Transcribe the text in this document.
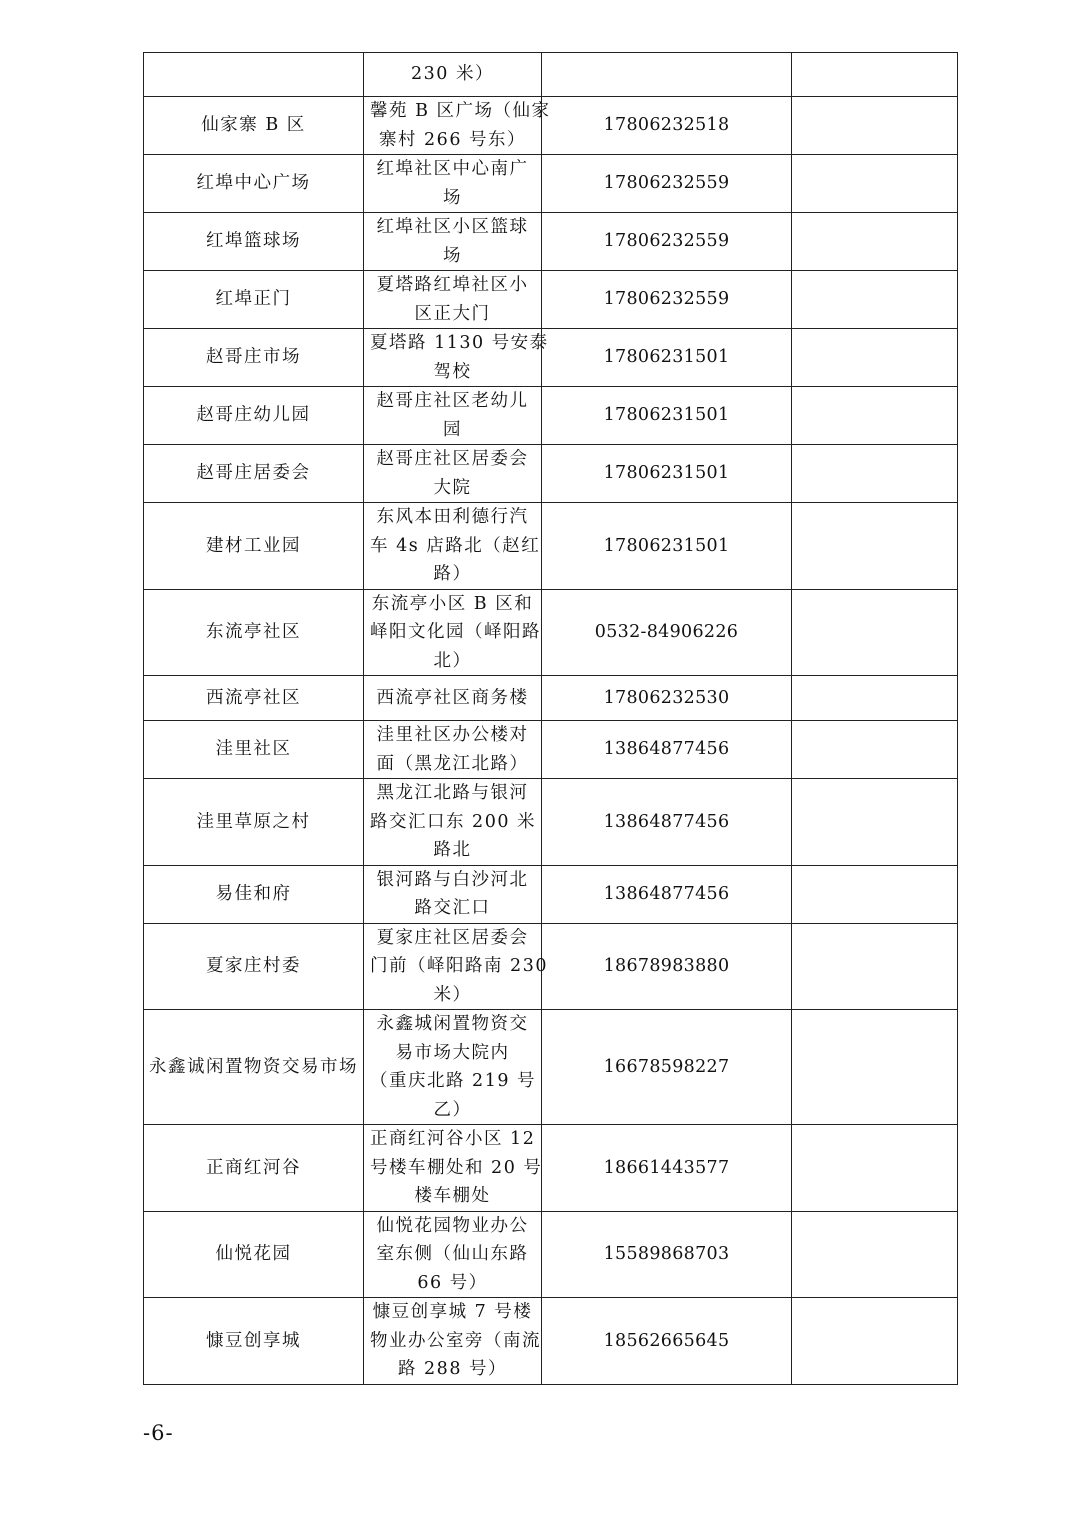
	230 米）		

仙家寨 B 区	馨苑 B 区广场（仙家
寨村 266 号东）	17806232518	
红埠中心广场	红埠社区中心南广
场	17806232559	
红埠篮球场	红埠社区小区篮球
场	17806232559	
红埠正门	夏塔路红埠社区小
区正大门	17806232559	
赵哥庄市场	夏塔路 1130 号安泰
驾校	17806231501	
赵哥庄幼儿园	赵哥庄社区老幼儿
园	17806231501	
赵哥庄居委会	赵哥庄社区居委会
大院	17806231501	
建材工业园	东风本田利德行汽
车 4s 店路北（赵红
路）	17806231501	
东流亭社区	东流亭小区 B 区和
峄阳文化园（峄阳路
北）	0532-84906226	
西流亭社区	西流亭社区商务楼	17806232530	
洼里社区	洼里社区办公楼对
面（黑龙江北路）	13864877456	
洼里草原之村	黑龙江北路与银河
路交汇口东 200 米
路北	13864877456	
易佳和府	银河路与白沙河北
路交汇口	13864877456	
夏家庄村委	夏家庄社区居委会
门前（峄阳路南 230
米）	18678983880	
永鑫诚闲置物资交易市场	永鑫城闲置物资交
易市场大院内
（重庆北路 219 号
乙）	16678598227	
正商红河谷	正商红河谷小区 12
号楼车棚处和 20 号
楼车棚处	18661443577	
仙悦花园	仙悦花园物业办公
室东侧（仙山东路
66 号）	15589868703	
慷豆创享城	慷豆创享城 7 号楼
物业办公室旁（南流
路 288 号）	18562665645	
-6-
